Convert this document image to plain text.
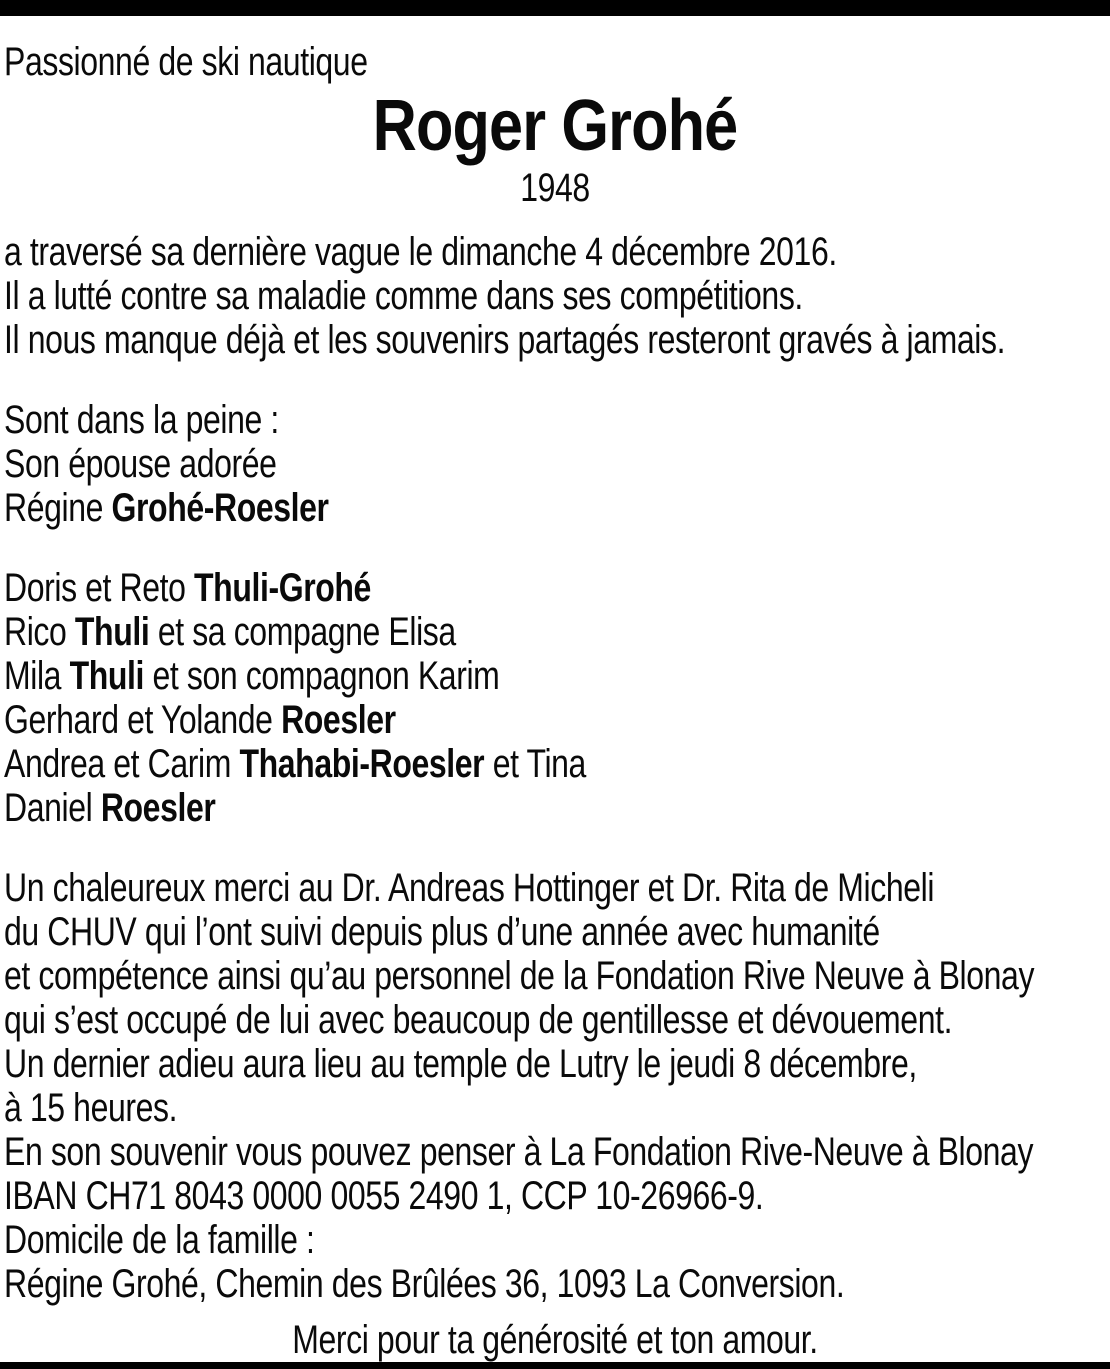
Passionné de ski nautique
Roger Grohé
1948
a traversé sa dernière vague le dimanche 4 décembre 2016.
Il a lutté contre sa maladie comme dans ses compétitions.
Il nous manque déjà et les souvenirs partagés resteront gravés à jamais.
Sont dans la peine :
Son épouse adorée
Régine Grohé-Roesler
Doris et Reto Thuli-Grohé
Rico Thuli et sa compagne Elisa
Mila Thuli et son compagnon Karim
Gerhard et Yolande Roesler
Andrea et Carim Thahabi-Roesler et Tina
Daniel Roesler
Un chaleureux merci au Dr. Andreas Hottinger et Dr. Rita de Micheli
du CHUV qui l’ont suivi depuis plus d’une année avec humanité
et compétence ainsi qu’au personnel de la Fondation Rive Neuve à Blonay
qui s’est occupé de lui avec beaucoup de gentillesse et dévouement.
Un dernier adieu aura lieu au temple de Lutry le jeudi 8 décembre,
à 15 heures.
En son souvenir vous pouvez penser à La Fondation Rive-Neuve à Blonay
IBAN CH71 8043 0000 0055 2490 1, CCP 10-26966-9.
Domicile de la famille :
Régine Grohé, Chemin des Brûlées 36, 1093 La Conversion.
Merci pour ta générosité et ton amour.
